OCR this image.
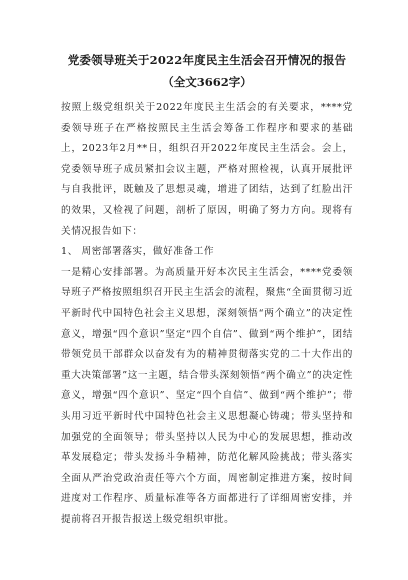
党委领导班关于2022年度民主生活会召开情况的报告
（全文3662字）

按照上级党组织关于2022年度民主生活会的有关要求，****党委领导班子在严格按照民主生活会筹备工作程序和要求的基础上，2023年2月**日，组织召开2022年度民主生活会。会上，党委领导班子成员紧扣会议主题，严格对照检视，认真开展批评与自我批评，既触及了思想灵魂，增进了团结，达到了红脸出汗的效果，又检视了问题，剖析了原因，明确了努力方向。现将有关情况报告如下：

1、 周密部署落实，做好准备工作

一是精心安排部署。为高质量开好本次民主生活会，****党委领导班子严格按照组织召开民主生活会的流程，聚焦“全面贯彻习近平新时代中国特色社会主义思想，深刻领悟“两个确立”的决定性意义，增强“四个意识”坚定“四个自信”、做到“两个维护”，团结带领党员干部群众以奋发有为的精神贯彻落实党的二十大作出的重大决策部署”这一主题，结合带头深刻领悟“两个确立”的决定性意义，增强“四个意识”、坚定“四个自信”、做到“两个维护”；带头用习近平新时代中国特色社会主义思想凝心铸魂；带头坚持和加强党的全面领导；带头坚持以人民为中心的发展思想，推动改革发展稳定；带头发扬斗争精神，防范化解风险挑战；带头落实全面从严治党政治责任等六个方面，周密制定推进方案，按时间进度对工作程序、质量标准等各方面都进行了详细周密安排，并提前将召开报告报送上级党组织审批。
